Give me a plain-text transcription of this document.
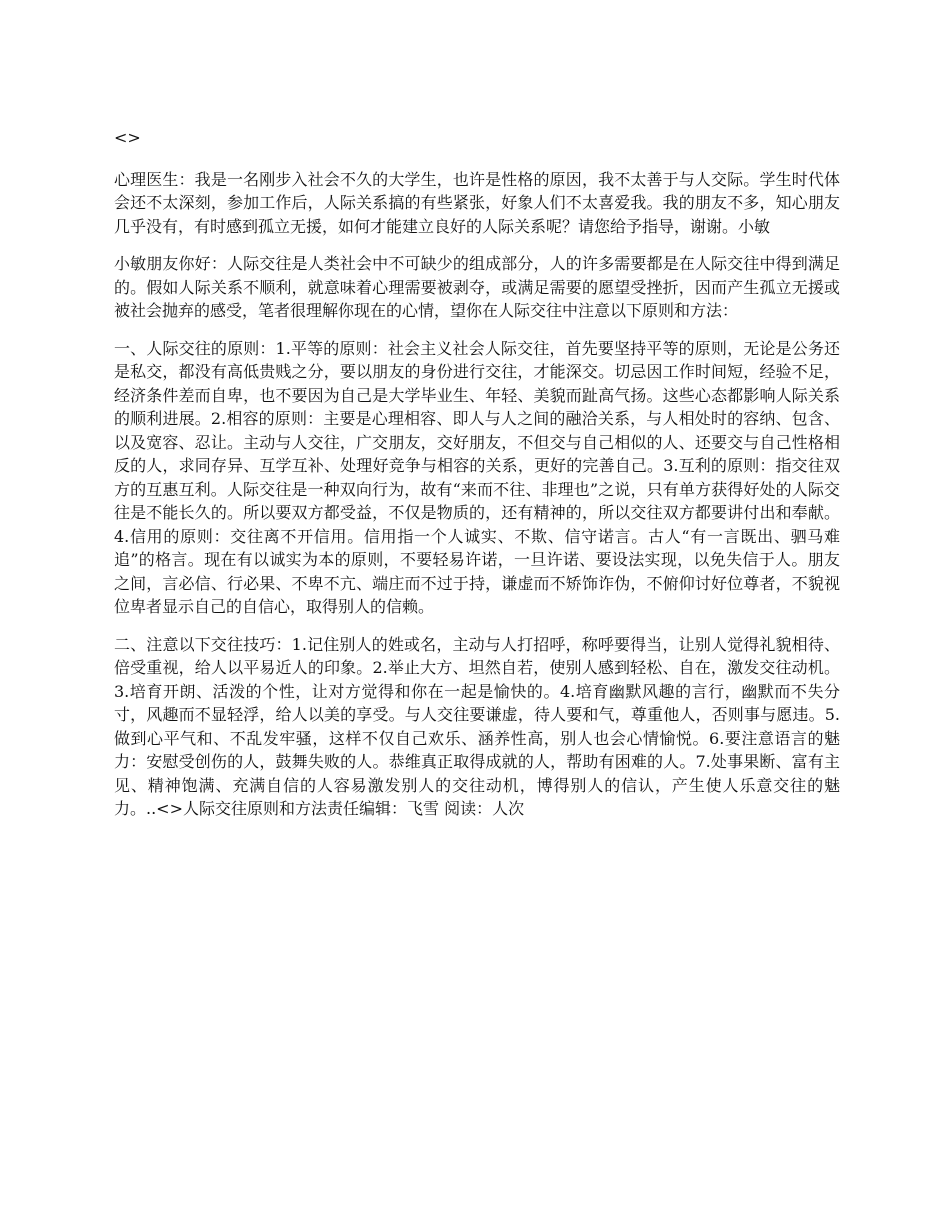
<>

心理医生：我是一名刚步入社会不久的大学生，也许是性格的原因，我不太善于与人交际。学生时代体会还不太深刻，参加工作后，人际关系搞的有些紧张，好象人们不太喜爱我。我的朋友不多，知心朋友几乎没有，有时感到孤立无援，如何才能建立良好的人际关系呢？请您给予指导，谢谢。小敏

小敏朋友你好：人际交往是人类社会中不可缺少的组成部分，人的许多需要都是在人际交往中得到满足的。假如人际关系不顺利，就意味着心理需要被剥夺，或满足需要的愿望受挫折，因而产生孤立无援或被社会抛弃的感受，笔者很理解你现在的心情，望你在人际交往中注意以下原则和方法：

一、人际交往的原则：1.平等的原则：社会主义社会人际交往，首先要坚持平等的原则，无论是公务还是私交，都没有高低贵贱之分，要以朋友的身份进行交往，才能深交。切忌因工作时间短，经验不足，经济条件差而自卑，也不要因为自己是大学毕业生、年轻、美貌而趾高气扬。这些心态都影响人际关系的顺利进展。2.相容的原则：主要是心理相容、即人与人之间的融洽关系，与人相处时的容纳、包含、以及宽容、忍让。主动与人交往，广交朋友，交好朋友，不但交与自己相似的人、还要交与自己性格相反的人，求同存异、互学互补、处理好竞争与相容的关系，更好的完善自己。3.互利的原则：指交往双方的互惠互利。人际交往是一种双向行为，故有“来而不往、非理也”之说，只有单方获得好处的人际交往是不能长久的。所以要双方都受益，不仅是物质的，还有精神的，所以交往双方都要讲付出和奉献。4.信用的原则：交往离不开信用。信用指一个人诚实、不欺、信守诺言。古人“有一言既出、驷马难追”的格言。现在有以诚实为本的原则，不要轻易许诺，一旦许诺、要设法实现，以免失信于人。朋友之间，言必信、行必果、不卑不亢、端庄而不过于持，谦虚而不矫饰诈伪，不俯仰讨好位尊者，不貌视位卑者显示自己的自信心，取得别人的信赖。

二、注意以下交往技巧：1.记住别人的姓或名，主动与人打招呼，称呼要得当，让别人觉得礼貌相待、倍受重视，给人以平易近人的印象。2.举止大方、坦然自若，使别人感到轻松、自在，激发交往动机。3.培育开朗、活泼的个性，让对方觉得和你在一起是愉快的。4.培育幽默风趣的言行，幽默而不失分寸，风趣而不显轻浮，给人以美的享受。与人交往要谦虚，待人要和气，尊重他人，否则事与愿违。5.做到心平气和、不乱发牢骚，这样不仅自己欢乐、涵养性高，别人也会心情愉悦。6.要注意语言的魅力：安慰受创伤的人，鼓舞失败的人。恭维真正取得成就的人，帮助有困难的人。7.处事果断、富有主见、精神饱满、充满自信的人容易激发别人的交往动机，博得别人的信认，产生使人乐意交往的魅力。..<>人际交往原则和方法责任编辑：飞雪 阅读：人次
